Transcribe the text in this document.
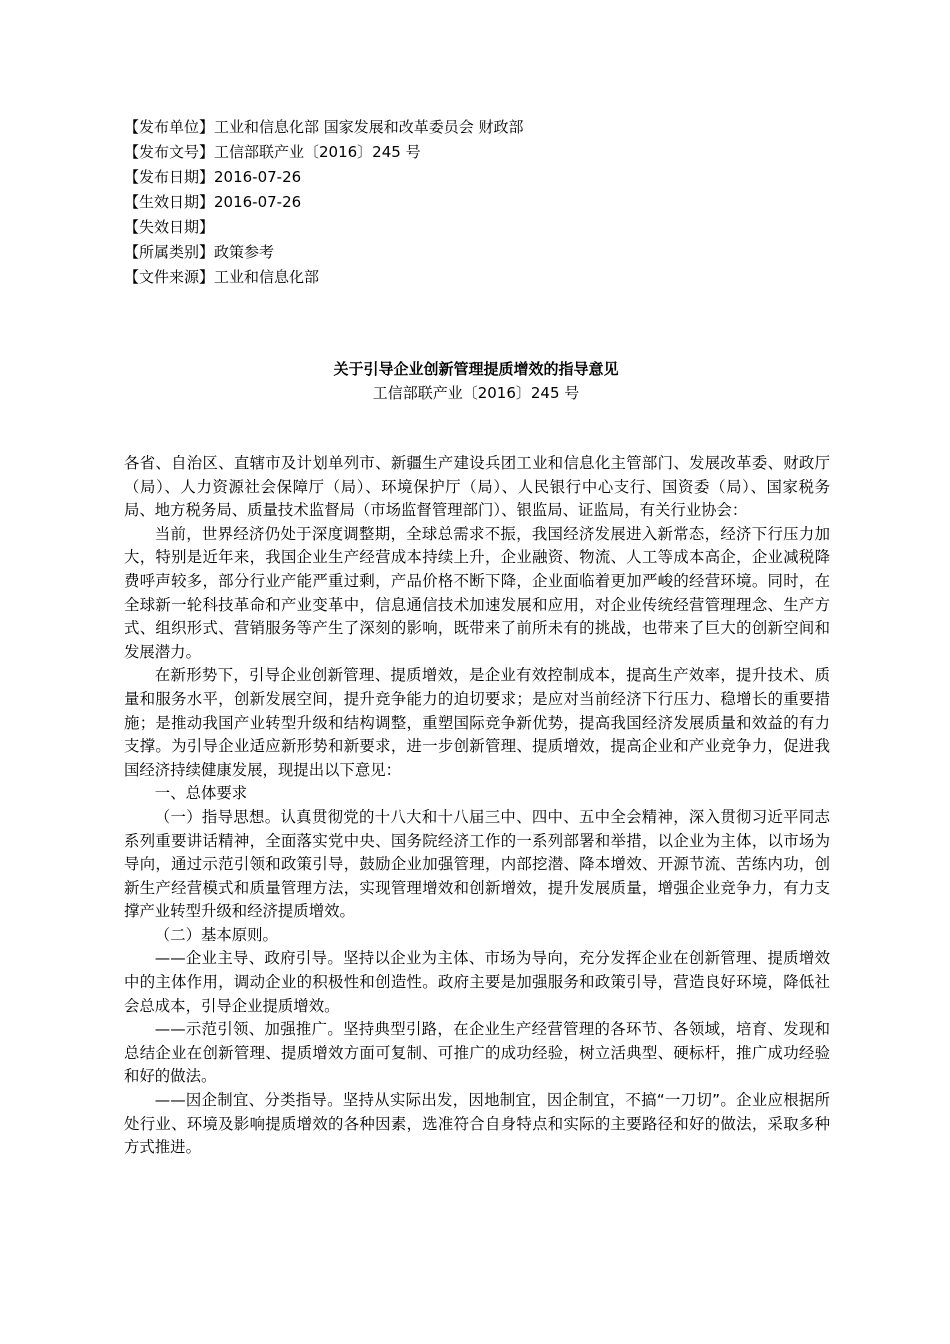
【发布单位】工业和信息化部 国家发展和改革委员会 财政部
【发布文号】工信部联产业〔2016〕245 号
【发布日期】2016-07-26
【生效日期】2016-07-26
【失效日期】
【所属类别】政策参考
【文件来源】工业和信息化部
关于引导企业创新管理提质增效的指导意见
工信部联产业〔2016〕245 号

各省、自治区、直辖市及计划单列市、新疆生产建设兵团工业和信息化主管部门、发展改革委、财政厅（局）、人力资源社会保障厅（局）、环境保护厅（局）、人民银行中心支行、国资委（局）、国家税务局、地方税务局、质量技术监督局（市场监督管理部门）、银监局、证监局，有关行业协会：

当前，世界经济仍处于深度调整期，全球总需求不振，我国经济发展进入新常态，经济下行压力加大，特别是近年来，我国企业生产经营成本持续上升，企业融资、物流、人工等成本高企，企业减税降费呼声较多，部分行业产能严重过剩，产品价格不断下降，企业面临着更加严峻的经营环境。同时，在全球新一轮科技革命和产业变革中，信息通信技术加速发展和应用，对企业传统经营管理理念、生产方式、组织形式、营销服务等产生了深刻的影响，既带来了前所未有的挑战，也带来了巨大的创新空间和发展潜力。

在新形势下，引导企业创新管理、提质增效，是企业有效控制成本，提高生产效率，提升技术、质量和服务水平，创新发展空间，提升竞争能力的迫切要求；是应对当前经济下行压力、稳增长的重要措施；是推动我国产业转型升级和结构调整，重塑国际竞争新优势，提高我国经济发展质量和效益的有力支撑。为引导企业适应新形势和新要求，进一步创新管理、提质增效，提高企业和产业竞争力，促进我国经济持续健康发展，现提出以下意见：

一、总体要求

（一）指导思想。认真贯彻党的十八大和十八届三中、四中、五中全会精神，深入贯彻习近平同志系列重要讲话精神，全面落实党中央、国务院经济工作的一系列部署和举措，以企业为主体，以市场为导向，通过示范引领和政策引导，鼓励企业加强管理，内部挖潜、降本增效、开源节流、苦练内功，创新生产经营模式和质量管理方法，实现管理增效和创新增效，提升发展质量，增强企业竞争力，有力支撑产业转型升级和经济提质增效。

（二）基本原则。

——企业主导、政府引导。坚持以企业为主体、市场为导向，充分发挥企业在创新管理、提质增效中的主体作用，调动企业的积极性和创造性。政府主要是加强服务和政策引导，营造良好环境，降低社会总成本，引导企业提质增效。

——示范引领、加强推广。坚持典型引路，在企业生产经营管理的各环节、各领域，培育、发现和总结企业在创新管理、提质增效方面可复制、可推广的成功经验，树立活典型、硬标杆，推广成功经验和好的做法。

——因企制宜、分类指导。坚持从实际出发，因地制宜，因企制宜，不搞“一刀切”。企业应根据所处行业、环境及影响提质增效的各种因素，选准符合自身特点和实际的主要路径和好的做法，采取多种方式推进。
